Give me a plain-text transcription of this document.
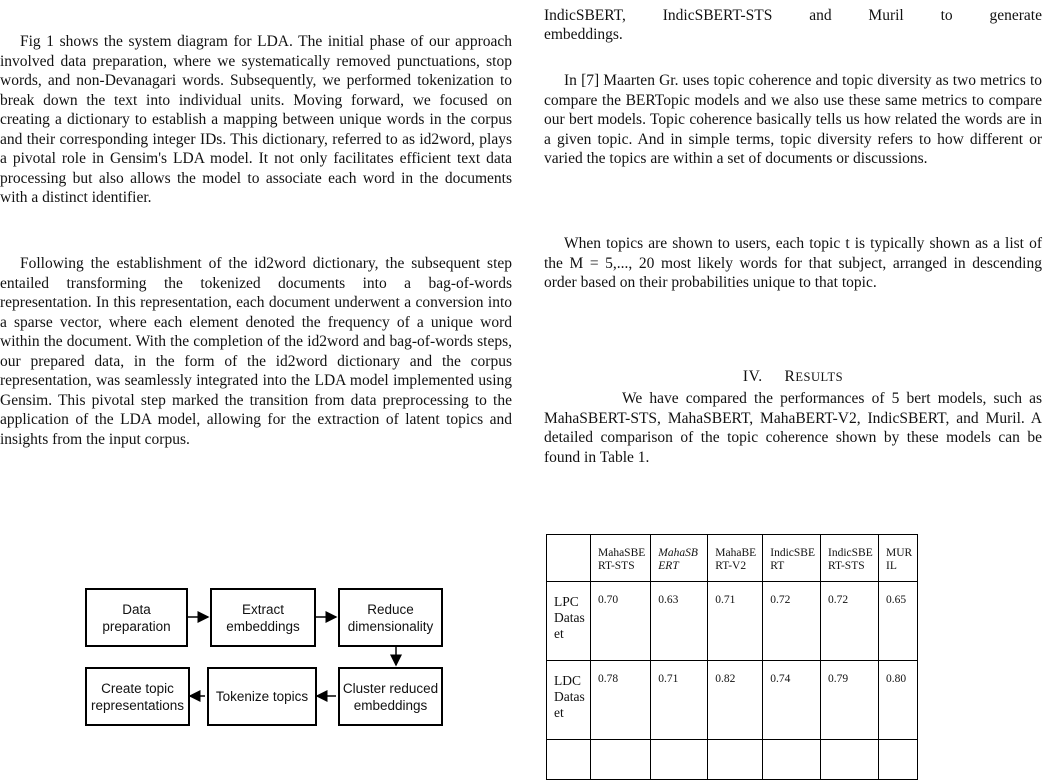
Fig 1 shows the system diagram for LDA. The initial phase of our approach involved data preparation, where we systematically removed punctuations, stop words, and non-Devanagari words. Subsequently, we performed tokenization to break down the text into individual units. Moving forward, we focused on creating a dictionary to establish a mapping between unique words in the corpus and their corresponding integer IDs. This dictionary, referred to as id2word, plays a pivotal role in Gensim's LDA model. It not only facilitates efficient text data processing but also allows the model to associate each word in the documents with a distinct identifier.

Following the establishment of the id2word dictionary, the subsequent step entailed transforming the tokenized documents into a bag-of-words representation. In this representation, each document underwent a conversion into a sparse vector, where each element denoted the frequency of a unique word within the document. With the completion of the id2word and bag-of-words steps, our prepared data, in the form of the id2word dictionary and the corpus representation, was seamlessly integrated into the LDA model implemented using Gensim. This pivotal step marked the transition from data preprocessing to the application of the LDA model, allowing for the extraction of latent topics and insights from the input corpus.

Data preparation
Extract embeddings
Reduce dimensionality
Cluster reduced embeddings
Tokenize topics
Create topic representations

IndicSBERT, IndicSBERT-STS and Muril to generate

embeddings.

In [7] Maarten Gr. uses topic coherence and topic diversity as two metrics to compare the BERTopic models and we also use these same metrics to compare our bert models. Topic coherence basically tells us how related the words are in a given topic. And in simple terms, topic diversity refers to how different or varied the topics are within a set of documents or discussions.

When topics are shown to users, each topic t is typically shown as a list of the M = 5,..., 20 most likely words for that subject, arranged in descending order based on their probabilities unique to that topic.

IV. RESULTS

We have compared the performances of 5 bert models, such as MahaSBERT-STS, MahaSBERT, MahaBERT-V2, IndicSBERT, and Muril. A detailed comparison of the topic coherence shown by these models can be found in Table 1.

	MahaSBE RT-STS	MahaSB ERT	MahaBE RT-V2	IndicSBE RT	IndicSBE RT-STS	MUR IL
LPC Datas et	0.70	0.63	0.71	0.72	0.72	0.65
LDC Datas et	0.78	0.71	0.82	0.74	0.79	0.80
